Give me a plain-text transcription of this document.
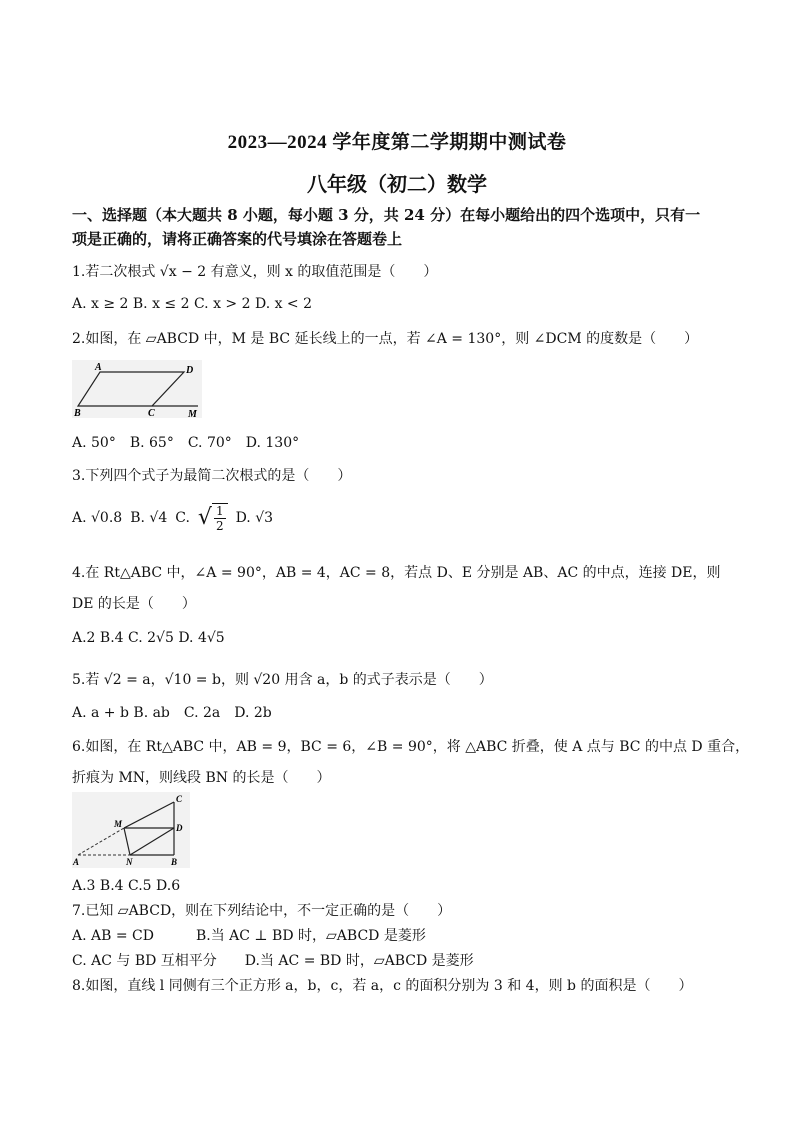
2023—2024 学年度第二学期期中测试卷
八年级（初二）数学
一、选择题（本大题共 8 小题，每小题 3 分，共 24 分）在每小题给出的四个选项中，只有一
项是正确的，请将正确答案的代号填涂在答题卷上
1.若二次根式 √x − 2 有意义，则 x 的取值范围是（　　）
A. x ≥ 2 B. x ≤ 2 C. x > 2 D. x < 2
2.如图，在 ▱ABCD 中，M 是 BC 延长线上的一点，若 ∠A = 130°，则 ∠DCM 的度数是（　　）
A	D
B	C	M
A. 50°　B. 65°　C. 70°　D. 130°
3.下列四个式子为最简二次根式的是（　　）
A. √0.8 B. √4 C. √ $\frac{1}{2} D$. √3
4.在 Rt△ABC 中，∠A = 90°，AB = 4，AC = 8，若点 D、E 分别是 AB、AC 的中点，连接 DE，则
DE 的长是（　　）
A.2 B.4 C. 2√5 D. 4√5
5.若 √2 = a，√10 = b，则 √20 用含 a，b 的式子表示是（　　）
A. a + b B. ab　C. 2a　D. 2b
6.如图，在 Rt△ABC 中，AB = 9，BC = 6，∠B = 90°，将 △ABC 折叠，使 A 点与 BC 的中点 D 重合，
折痕为 MN，则线段 BN 的长是（　　）
C
D
M
A	N	B
A.3 B.4 C.5 D.6
7.已知 ▱ABCD，则在下列结论中，不一定正确的是（　　）
A. AB = CD　　　B.当 AC ⊥ BD 时，▱ABCD 是菱形
C. AC 与 BD 互相平分　　D.当 AC = BD 时，▱ABCD 是菱形
8.如图，直线 l 同侧有三个正方形 a，b，c，若 a，c 的面积分别为 3 和 4，则 b 的面积是（　　）
